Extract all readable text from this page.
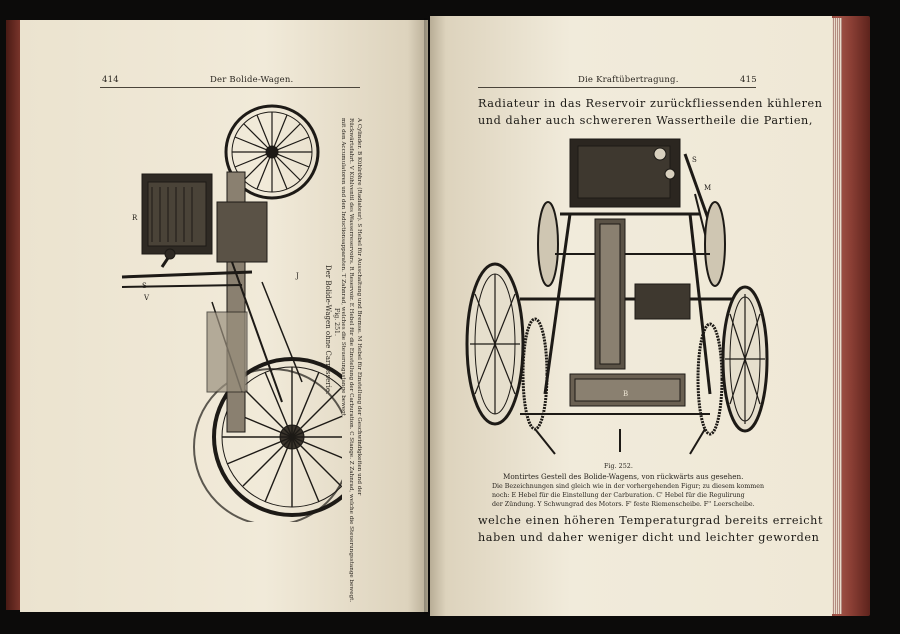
414	Der Bolide-Wagen.
R
S
V
J
Fig. 251.
Der Bolide-Wagen ohne Carrosserie.	A Cylinder. B Kühlröhre (Radiateur). S Hebel für Ausschaltung und Bremse. M Hebel für Einstellung der Geschwindigkeiten und der
Rückwärtsfahrt. V Kühlventil des Wasserreservoirs. R Reservoir. E Hebel für die Einstellung der Carburation. C Stange. Z Zahnrad, welche die Steuerungsstange bewegt.
mit den Accumulatoren und den Inductionsapparaten. T Zahnrad, welches die Steuerungsstange bewegt.
Die Kraftübertragung.	415
Radiateur in das Reservoir zurückfliessenden kühleren
und daher auch schwereren Wassertheile die Partien,
S
M
B
Fig. 252.
Montirtes Gestell des Bolide-Wagens, von rückwärts aus gesehen.
Die Bezeichnungen sind gleich wie in der vorhergehenden Figur; zu diesem kommen
noch: E Hebel für die Einstellung der Carburation. C' Hebel für die Regulirung
der Zündung. Y Schwungrad des Motors. F' feste Riemenscheibe. F'' Leerscheibe.
welche einen höheren Temperaturgrad bereits erreicht
haben und daher weniger dicht und leichter geworden
